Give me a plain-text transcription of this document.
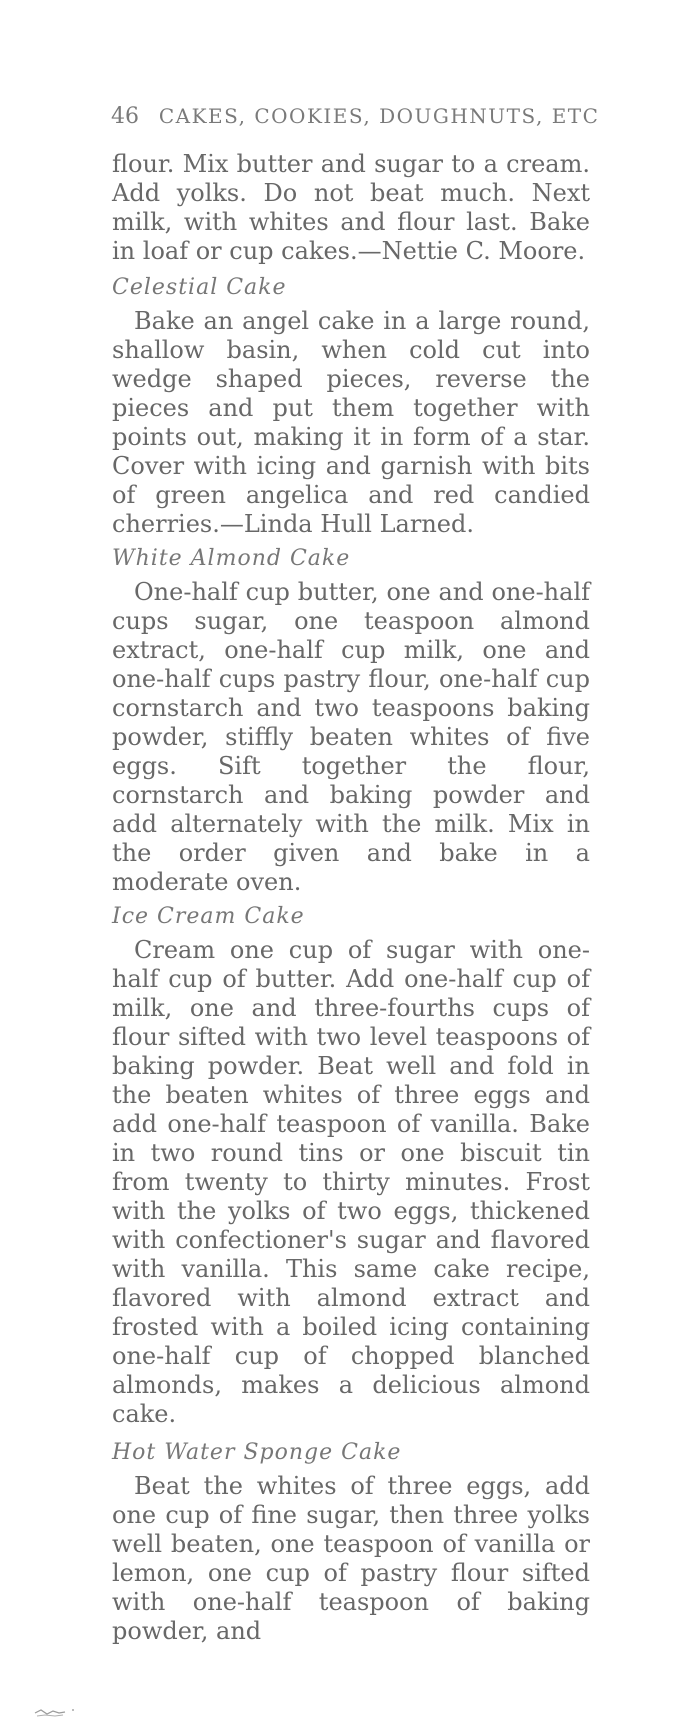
46 CAKES, COOKIES, DOUGHNUTS, ETC

flour. Mix butter and sugar to a cream. Add yolks. Do not beat much. Next milk, with whites and flour last. Bake in loaf or cup cakes.—Nettie C. Moore.

Celestial Cake

Bake an angel cake in a large round, shallow basin, when cold cut into wedge shaped pieces, reverse the pieces and put them together with points out, making it in form of a star. Cover with icing and garnish with bits of green angelica and red candied cherries.—Linda Hull Larned.

White Almond Cake

One-half cup butter, one and one-half cups sugar, one teaspoon almond extract, one-half cup milk, one and one-half cups pastry flour, one-half cup cornstarch and two teaspoons baking powder, stiffly beaten whites of five eggs. Sift together the flour, cornstarch and baking powder and add alternately with the milk. Mix in the order given and bake in a moderate oven.

Ice Cream Cake

Cream one cup of sugar with one-half cup of butter. Add one-half cup of milk, one and three-fourths cups of flour sifted with two level teaspoons of baking powder. Beat well and fold in the beaten whites of three eggs and add one-half teaspoon of vanilla. Bake in two round tins or one biscuit tin from twenty to thirty minutes. Frost with the yolks of two eggs, thickened with confectioner's sugar and flavored with vanilla. This same cake recipe, flavored with almond extract and frosted with a boiled icing containing one-half cup of chopped blanched almonds, makes a delicious almond cake.

Hot Water Sponge Cake

Beat the whites of three eggs, add one cup of fine sugar, then three yolks well beaten, one teaspoon of vanilla or lemon, one cup of pastry flour sifted with one-half teaspoon of baking powder, and
